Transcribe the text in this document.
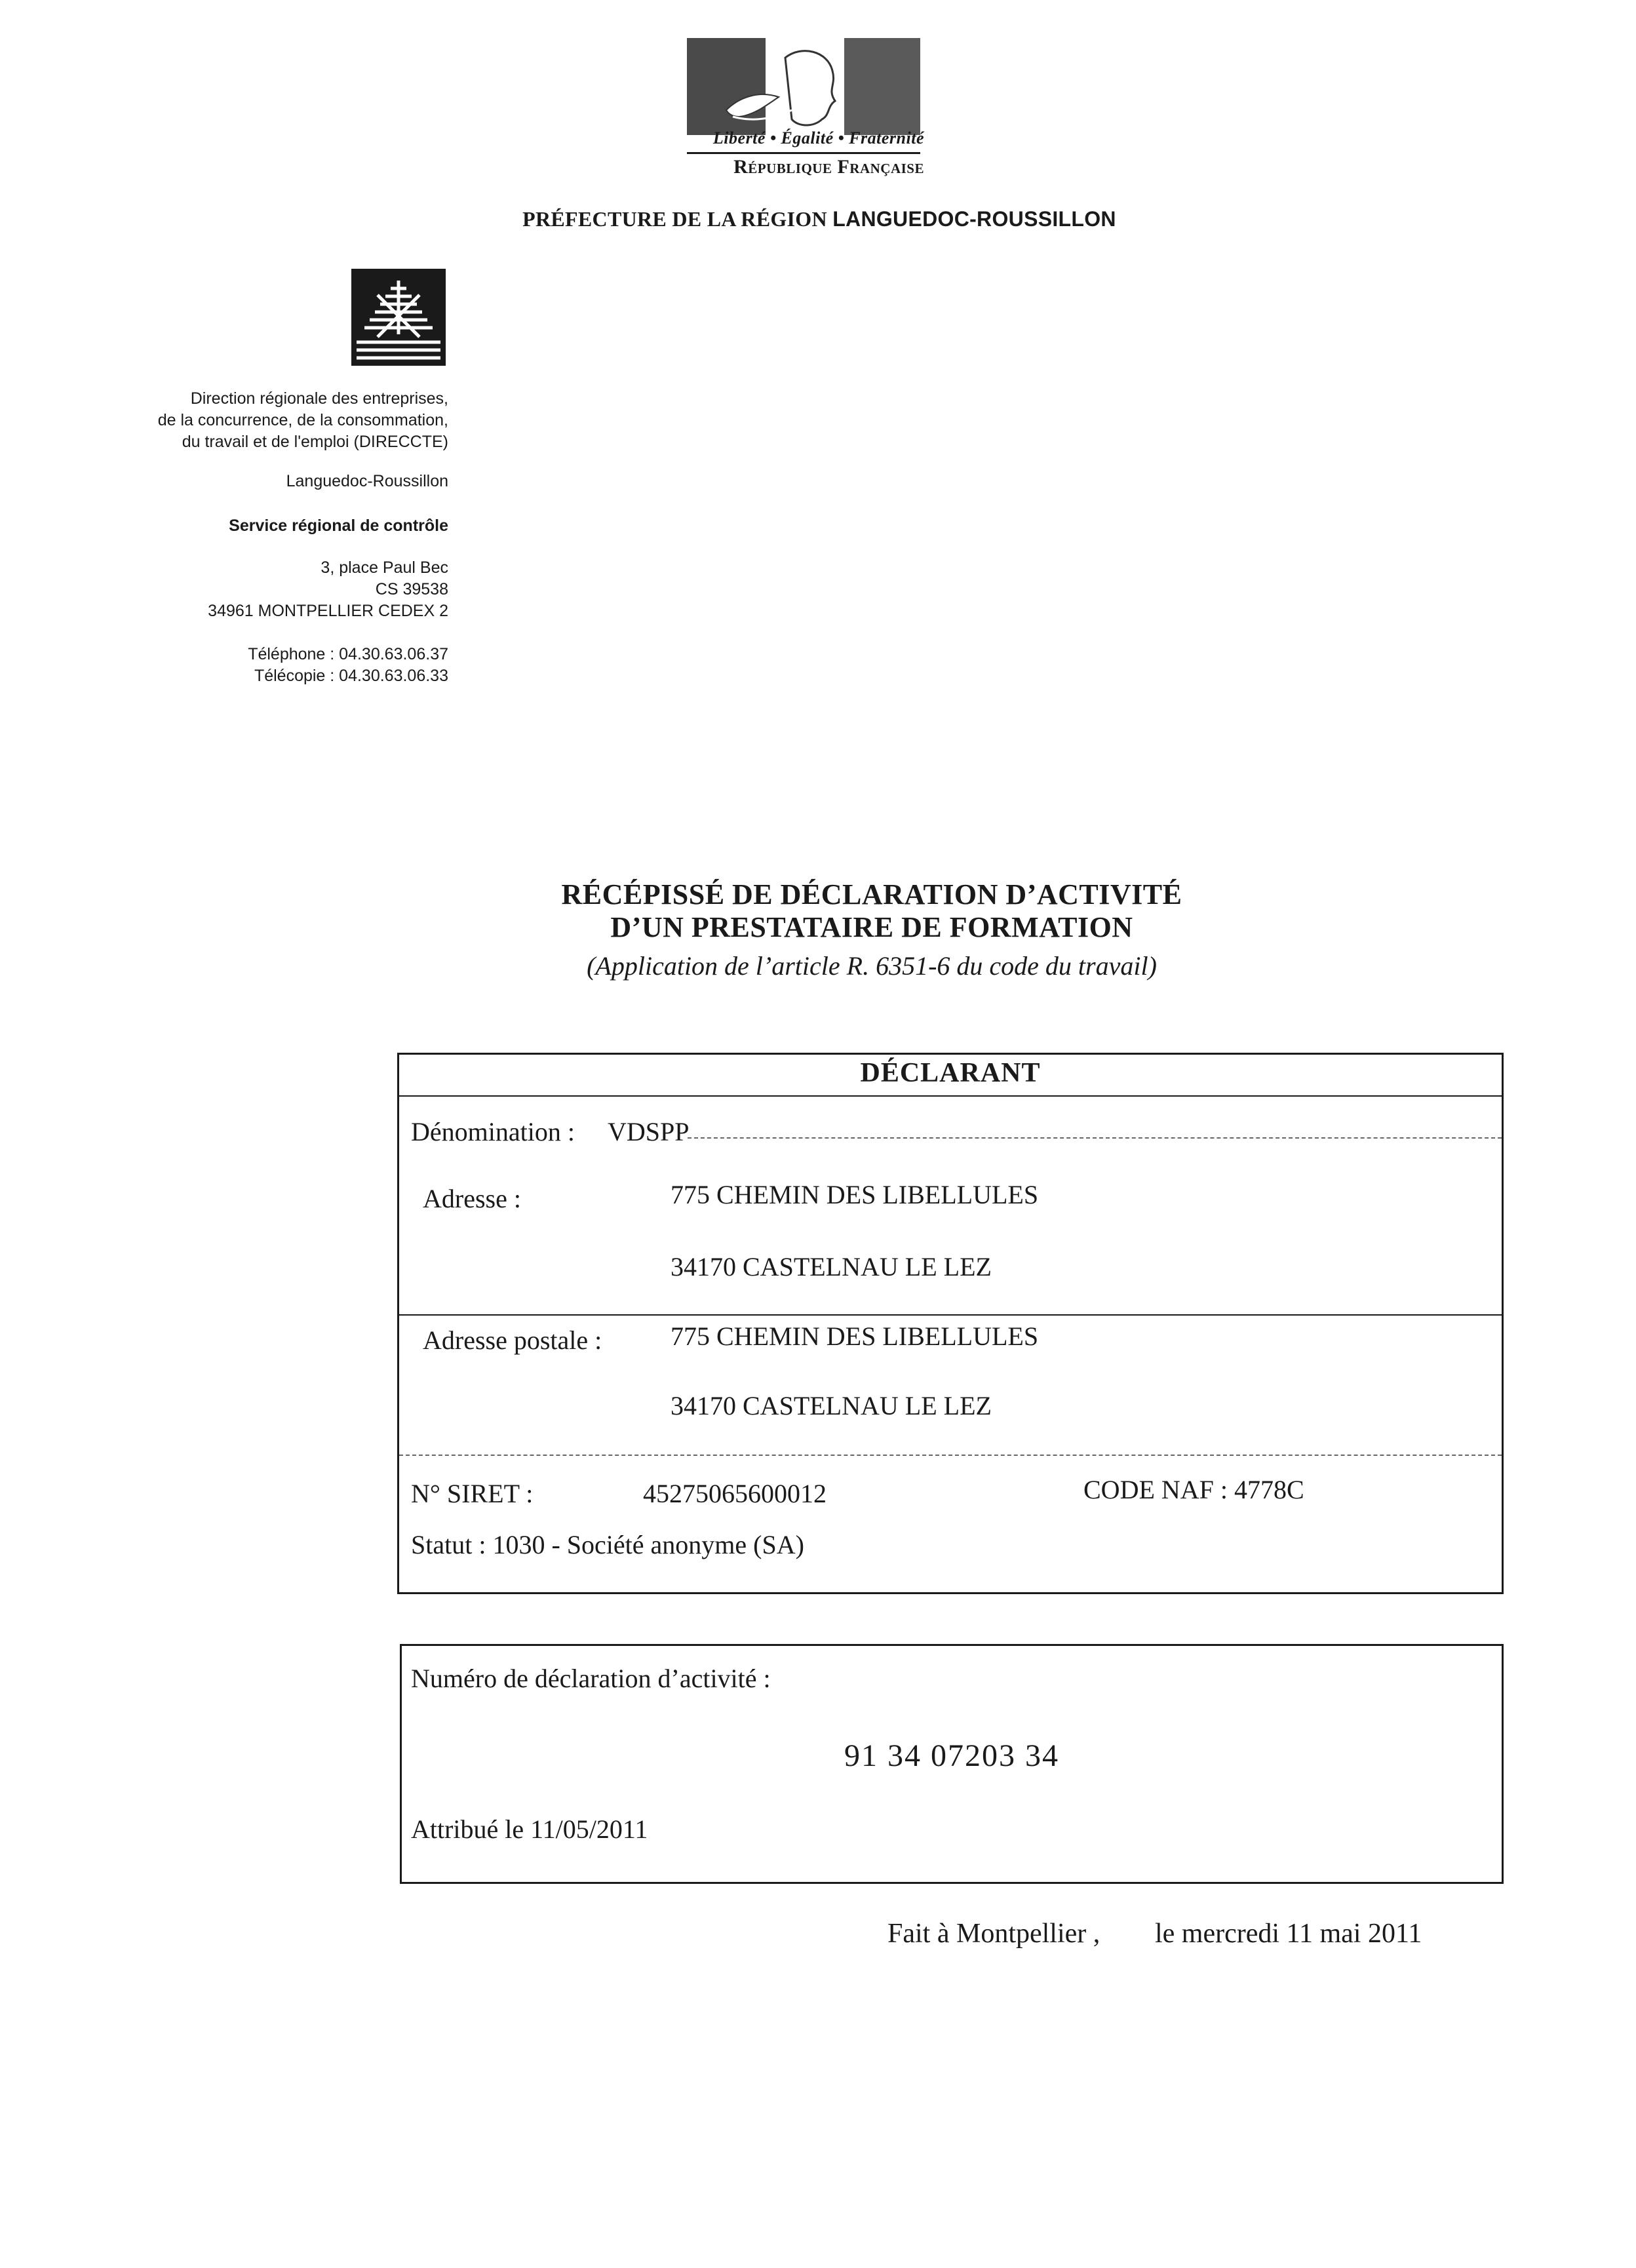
Liberté • Égalité • Fraternité
République Française
PRÉFECTURE DE LA RÉGION LANGUEDOC-ROUSSILLON
Direction régionale des entreprises,
de la concurrence, de la consommation,
du travail et de l'emploi (DIRECCTE)
Languedoc-Roussillon
Service régional de contrôle
3, place Paul Bec
CS 39538
34961 MONTPELLIER CEDEX 2
Téléphone : 04.30.63.06.37
Télécopie : 04.30.63.06.33
RÉCÉPISSÉ DE DÉCLARATION D’ACTIVITÉ
D’UN PRESTATAIRE DE FORMATION
(Application de l’article R. 6351-6 du code du travail)
DÉCLARANT
Dénomination : VDSPP
Adresse :	775 CHEMIN DES LIBELLULES
34170 CASTELNAU LE LEZ
Adresse postale :	775 CHEMIN DES LIBELLULES
34170 CASTELNAU LE LEZ
N° SIRET :	45275065600012	CODE NAF : 4778C
Statut : 1030 - Société anonyme (SA)
Numéro de déclaration d’activité :
91 34 07203 34
Attribué le 11/05/2011
Fait à Montpellier , le mercredi 11 mai 2011
